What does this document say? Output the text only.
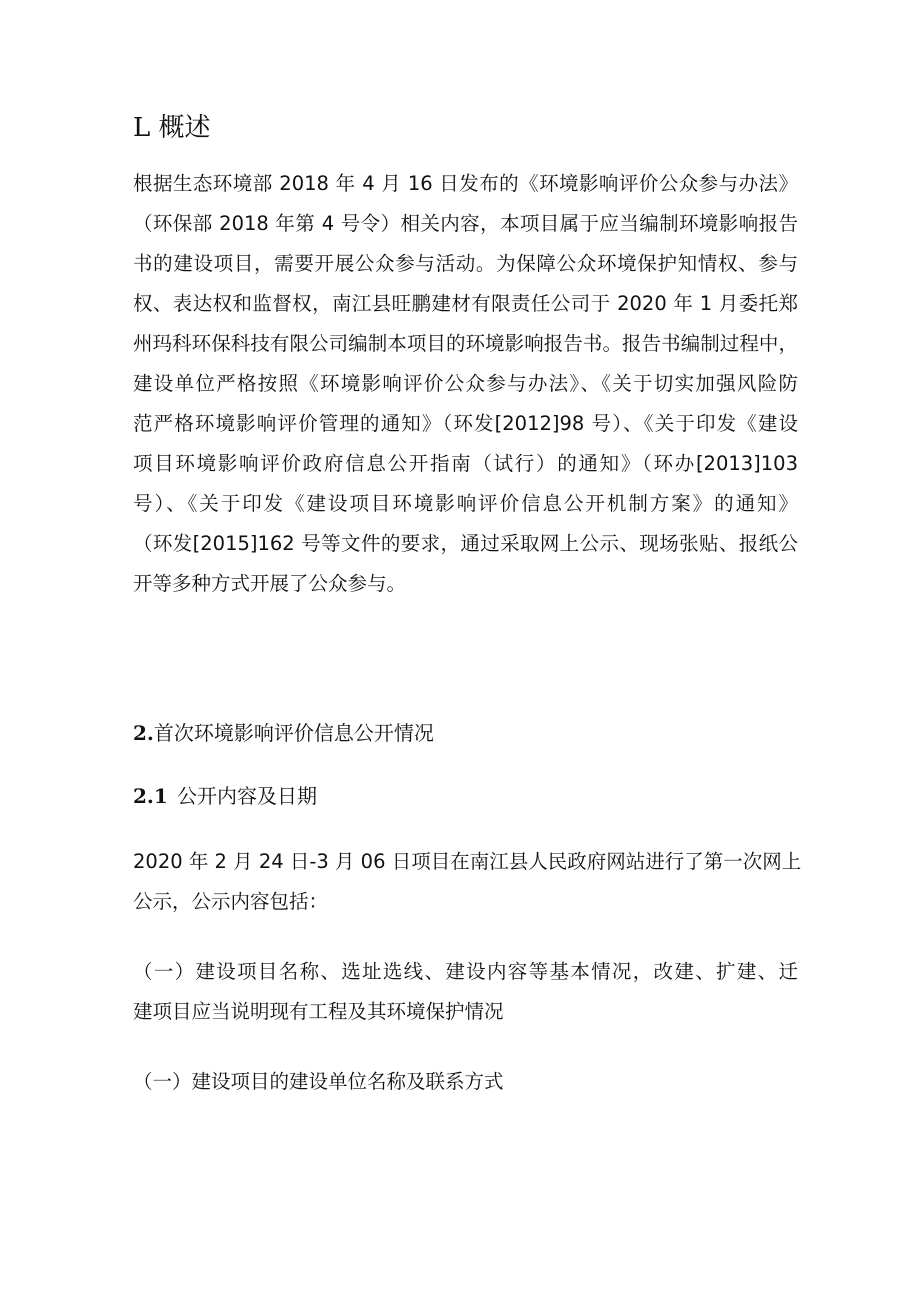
L 概述
根据生态环境部 2018 年 4 月 16 日发布的《环境影响评价公众参与办法》
（环保部 2018 年第 4 号令）相关内容，本项目属于应当编制环境影响报告
书的建设项目，需要开展公众参与活动。为保障公众环境保护知情权、参与
权、表达权和监督权，南江县旺鹏建材有限责任公司于 2020 年 1 月委托郑
州玛科环保科技有限公司编制本项目的环境影响报告书。报告书编制过程中，
建设单位严格按照《环境影响评价公众参与办法》、《关于切实加强风险防
范严格环境影响评价管理的通知》（环发[2012]98 号）、《关于印发《建设
项目环境影响评价政府信息公开指南（试行）的通知》（环办[2013]103
号）、《关于印发《建设项目环境影响评价信息公开机制方案》的通知》
（环发[2015]162 号等文件的要求，通过采取网上公示、现场张贴、报纸公
开等多种方式开展了公众参与。
2.首次环境影响评价信息公开情况
2.1 公开内容及日期
2020 年 2 月 24 日-3 月 06 日项目在南江县人民政府网站进行了第一次网上
公示，公示内容包括：
（一）建设项目名称、选址选线、建设内容等基本情况，改建、扩建、迁
建项目应当说明现有工程及其环境保护情况
（一）建设项目的建设单位名称及联系方式
